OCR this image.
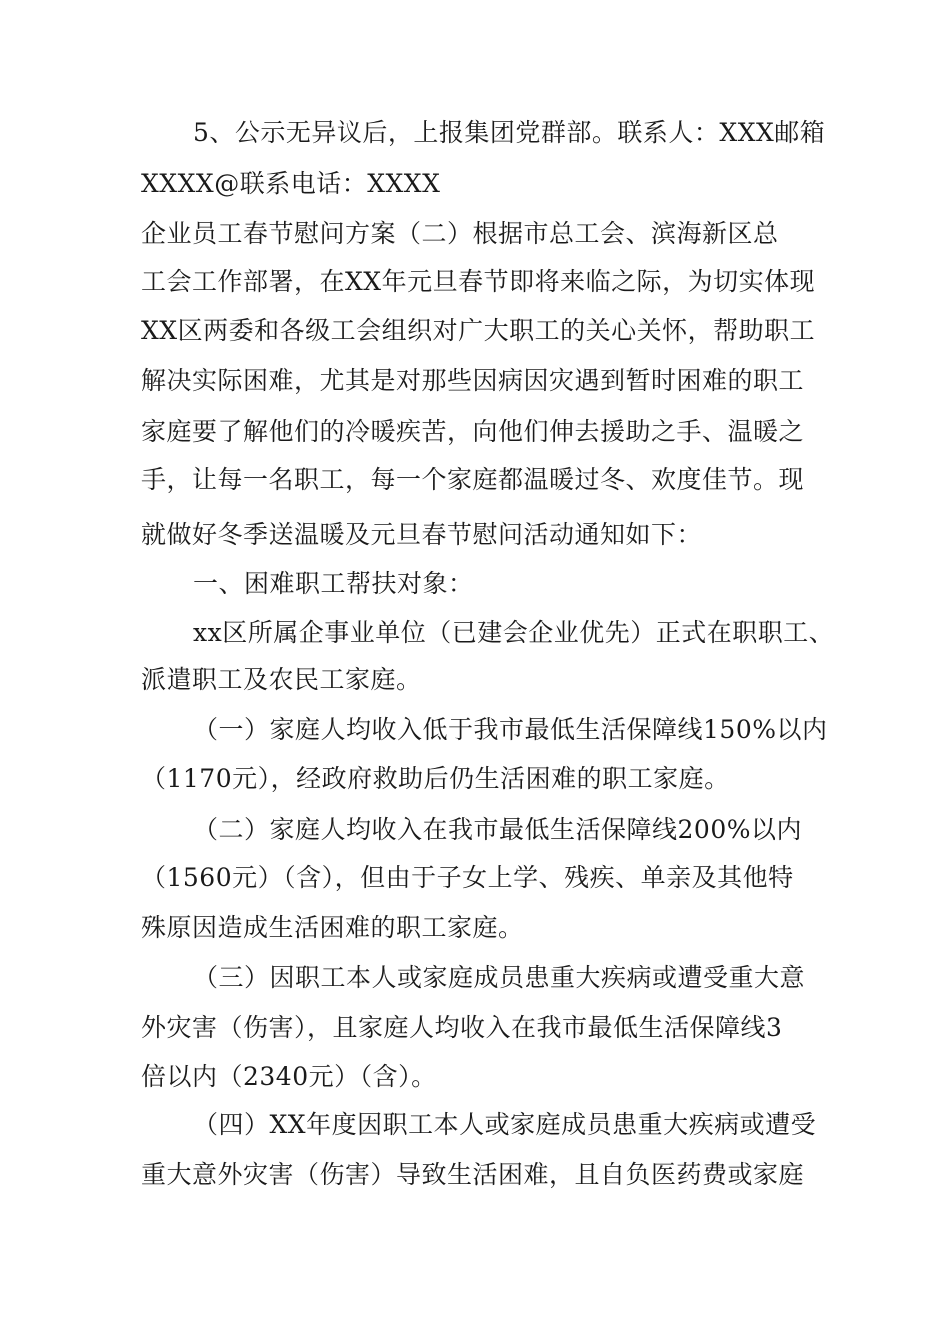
5、公示无异议后，上报集团党群部。联系人：XXX邮箱
XXXX@联系电话：XXXX
企业员工春节慰问方案（二）根据市总工会、滨海新区总
工会工作部署，在XX年元旦春节即将来临之际，为切实体现
XX区两委和各级工会组织对广大职工的关心关怀，帮助职工
解决实际困难，尤其是对那些因病因灾遇到暂时困难的职工
家庭要了解他们的冷暖疾苦，向他们伸去援助之手、温暖之
手，让每一名职工，每一个家庭都温暖过冬、欢度佳节。现
就做好冬季送温暖及元旦春节慰问活动通知如下：
一、困难职工帮扶对象：
xx区所属企事业单位（已建会企业优先）正式在职职工、
派遣职工及农民工家庭。
（一）家庭人均收入低于我市最低生活保障线150%以内
（1170元），经政府救助后仍生活困难的职工家庭。
（二）家庭人均收入在我市最低生活保障线200%以内
（1560元）（含），但由于子女上学、残疾、单亲及其他特
殊原因造成生活困难的职工家庭。
（三）因职工本人或家庭成员患重大疾病或遭受重大意
外灾害（伤害），且家庭人均收入在我市最低生活保障线3
倍以内（2340元）（含）。
（四）XX年度因职工本人或家庭成员患重大疾病或遭受
重大意外灾害（伤害）导致生活困难，且自负医药费或家庭
